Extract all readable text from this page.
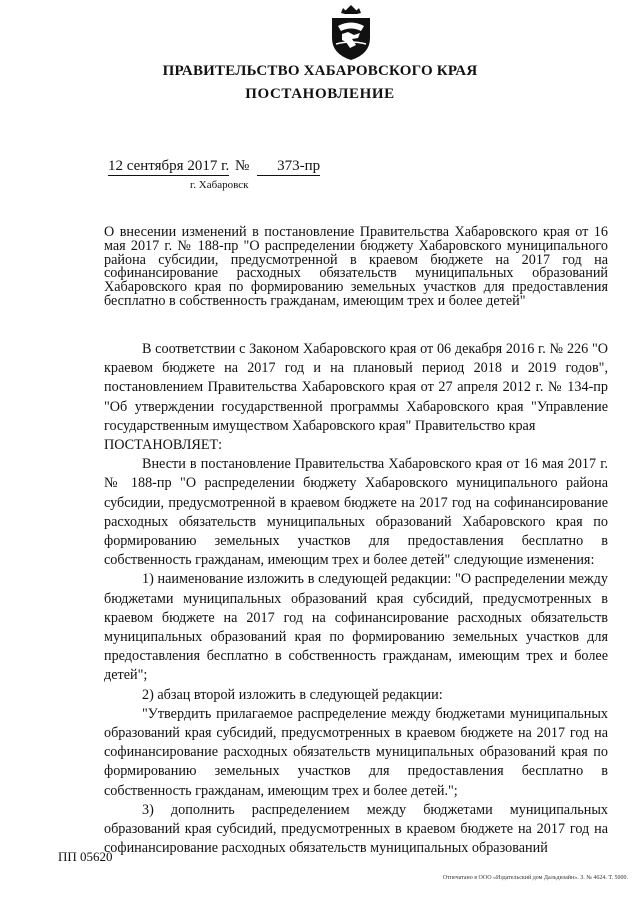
ПРАВИТЕЛЬСТВО ХАБАРОВСКОГО КРАЯ
ПОСТАНОВЛЕНИЕ
12 сентября 2017 г. № 373-пр
г. Хабаровск
О внесении изменений в постановление Правительства Хабаровского края от 16 мая 2017 г. № 188-пр "О распределении бюджету Хабаровского муниципального района субсидии, предусмотренной в краевом бюджете на 2017 год на софинансирование расходных обязательств муниципальных образований Хабаровского края по формированию земельных участков для предоставления бесплатно в собственность гражданам, имеющим трех и более детей"

В соответствии с Законом Хабаровского края от 06 декабря 2016 г. № 226 "О краевом бюджете на 2017 год и на плановый период 2018 и 2019 годов", постановлением Правительства Хабаровского края от 27 апреля 2012 г. № 134-пр "Об утверждении государственной программы Хабаровского края "Управление государственным имуществом Хабаровского края" Правительство края

ПОСТАНОВЛЯЕТ:

Внести в постановление Правительства Хабаровского края от 16 мая 2017 г. № 188-пр "О распределении бюджету Хабаровского муниципального района субсидии, предусмотренной в краевом бюджете на 2017 год на софинансирование расходных обязательств муниципальных образований Хабаровского края по формированию земельных участков для предоставления бесплатно в собственность гражданам, имеющим трех и более детей" следующие изменения:

1) наименование изложить в следующей редакции: "О распределении между бюджетами муниципальных образований края субсидий, предусмотренных в краевом бюджете на 2017 год на софинансирование расходных обязательств муниципальных образований края по формированию земельных участков для предоставления бесплатно в собственность гражданам, имеющим трех и более детей";

2) абзац второй изложить в следующей редакции:

"Утвердить прилагаемое распределение между бюджетами муниципальных образований края субсидий, предусмотренных в краевом бюджете на 2017 год на софинансирование расходных обязательств муниципальных образований края по формированию земельных участков для предоставления бесплатно в собственность гражданам, имеющим трех и более детей.";

3) дополнить распределением между бюджетами муниципальных образований края субсидий, предусмотренных в краевом бюджете на 2017 год на софинансирование расходных обязательств муниципальных образований

ПП 05620
Отпечатано в ООО «Издательский дом Дальдизайн». З. № 4624. Т. 5000.
